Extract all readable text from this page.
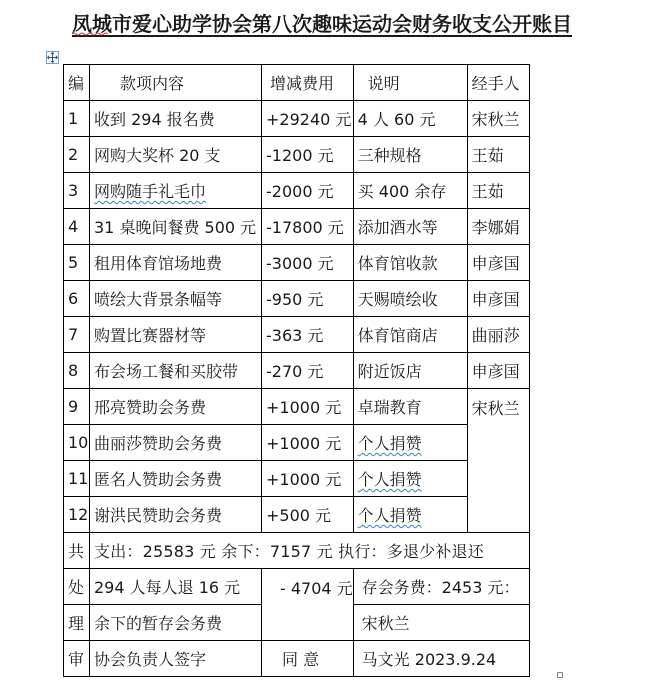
凤城市爱心助学协会第八次趣味运动会财务收支公开账目
编	款项内容	增减费用	说明	经手人
1	收到 294 报名费	+29240 元	4 人 60 元	宋秋兰
2	网购大奖杯 20 支	-1200 元	三种规格	王茹
3	网购随手礼毛巾	-2000 元	买 400 余存	王茹
4	31 桌晚间餐费 500 元	-17800 元	添加酒水等	李娜娟
5	租用体育馆场地费	-3000 元	体育馆收款	申彦国
6	喷绘大背景条幅等	-950 元	天赐喷绘收	申彦国
7	购置比赛器材等	-363 元	体育馆商店	曲丽莎
8	布会场工餐和买胶带	-270 元	附近饭店	申彦国
9	邢亮赞助会务费	+1000 元	卓瑞教育	宋秋兰
10	曲丽莎赞助会务费	+1000 元	个人捐赞	
11	匿名人赞助会务费	+1000 元	个人捐赞	
12	谢洪民赞助会务费	+500 元	个人捐赞	
共	支出：25583 元 余下：7157 元 执行：多退少补退还			
处	294 人每人退 16 元	- 4704 元	存会务费：2453 元：	
理	余下的暂存会务费		宋秋兰	
审	协会负责人签字	同 意	马文光 2023.9.24	
